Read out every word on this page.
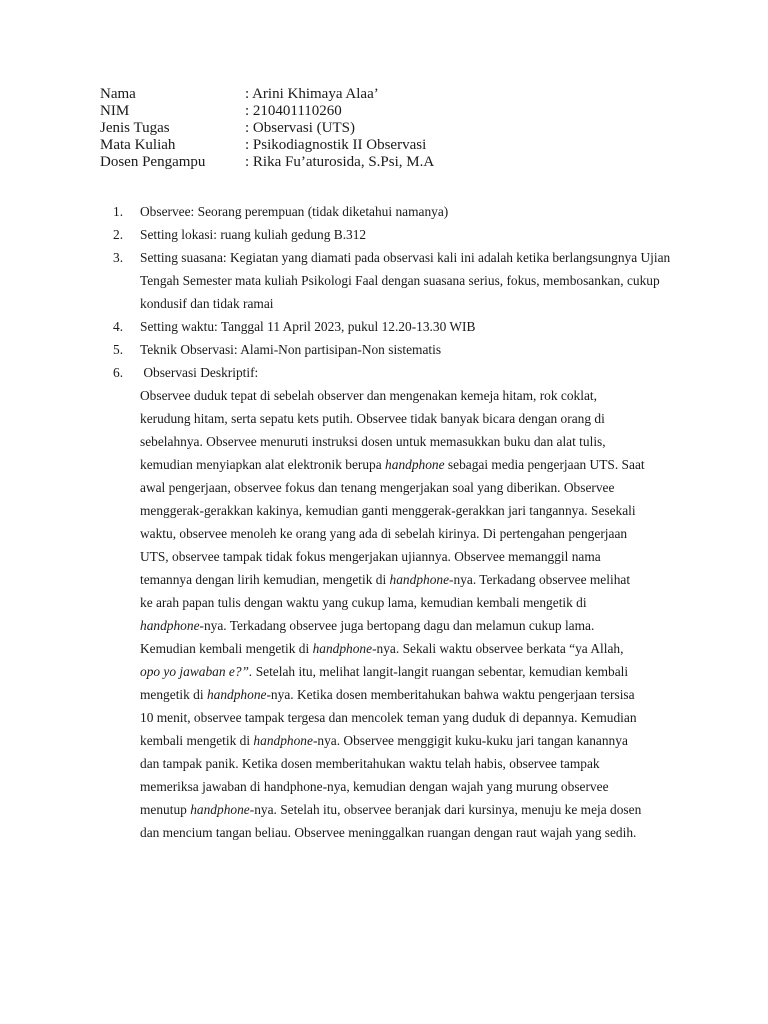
Nama	: Arini Khimaya Alaa’
NIM	: 210401110260
Jenis Tugas	: Observasi (UTS)
Mata Kuliah	: Psikodiagnostik II Observasi
Dosen Pengampu	: Rika Fu’aturosida, S.Psi, M.A
1.	Observee: Seorang perempuan (tidak diketahui namanya)
2.	Setting lokasi: ruang kuliah gedung B.312
3.	Setting suasana: Kegiatan yang diamati pada observasi kali ini adalah ketika berlangsungnya Ujian Tengah Semester mata kuliah Psikologi Faal dengan suasana serius, fokus, membosankan, cukup kondusif dan tidak ramai
4.	Setting waktu: Tanggal 11 April 2023, pukul 12.20-13.30 WIB
5.	Teknik Observasi: Alami-Non partisipan-Non sistematis
6.	Observasi Deskriptif:
Observee duduk tepat di sebelah observer dan mengenakan kemeja hitam, rok coklat,
kerudung hitam, serta sepatu kets putih. Observee tidak banyak bicara dengan orang di
sebelahnya. Observee menuruti instruksi dosen untuk memasukkan buku dan alat tulis,
kemudian menyiapkan alat elektronik berupa handphone sebagai media pengerjaan UTS. Saat
awal pengerjaan, observee fokus dan tenang mengerjakan soal yang diberikan. Observee
menggerak-gerakkan kakinya, kemudian ganti menggerak-gerakkan jari tangannya. Sesekali
waktu, observee menoleh ke orang yang ada di sebelah kirinya. Di pertengahan pengerjaan
UTS, observee tampak tidak fokus mengerjakan ujiannya. Observee memanggil nama
temannya dengan lirih kemudian, mengetik di handphone-nya. Terkadang observee melihat
ke arah papan tulis dengan waktu yang cukup lama, kemudian kembali mengetik di
handphone-nya. Terkadang observee juga bertopang dagu dan melamun cukup lama.
Kemudian kembali mengetik di handphone-nya. Sekali waktu observee berkata “ya Allah,
opo yo jawaban e?”. Setelah itu, melihat langit-langit ruangan sebentar, kemudian kembali
mengetik di handphone-nya. Ketika dosen memberitahukan bahwa waktu pengerjaan tersisa
10 menit, observee tampak tergesa dan mencolek teman yang duduk di depannya. Kemudian
kembali mengetik di handphone-nya. Observee menggigit kuku-kuku jari tangan kanannya
dan tampak panik. Ketika dosen memberitahukan waktu telah habis, observee tampak
memeriksa jawaban di handphone-nya, kemudian dengan wajah yang murung observee
menutup handphone-nya. Setelah itu, observee beranjak dari kursinya, menuju ke meja dosen
dan mencium tangan beliau. Observee meninggalkan ruangan dengan raut wajah yang sedih.
